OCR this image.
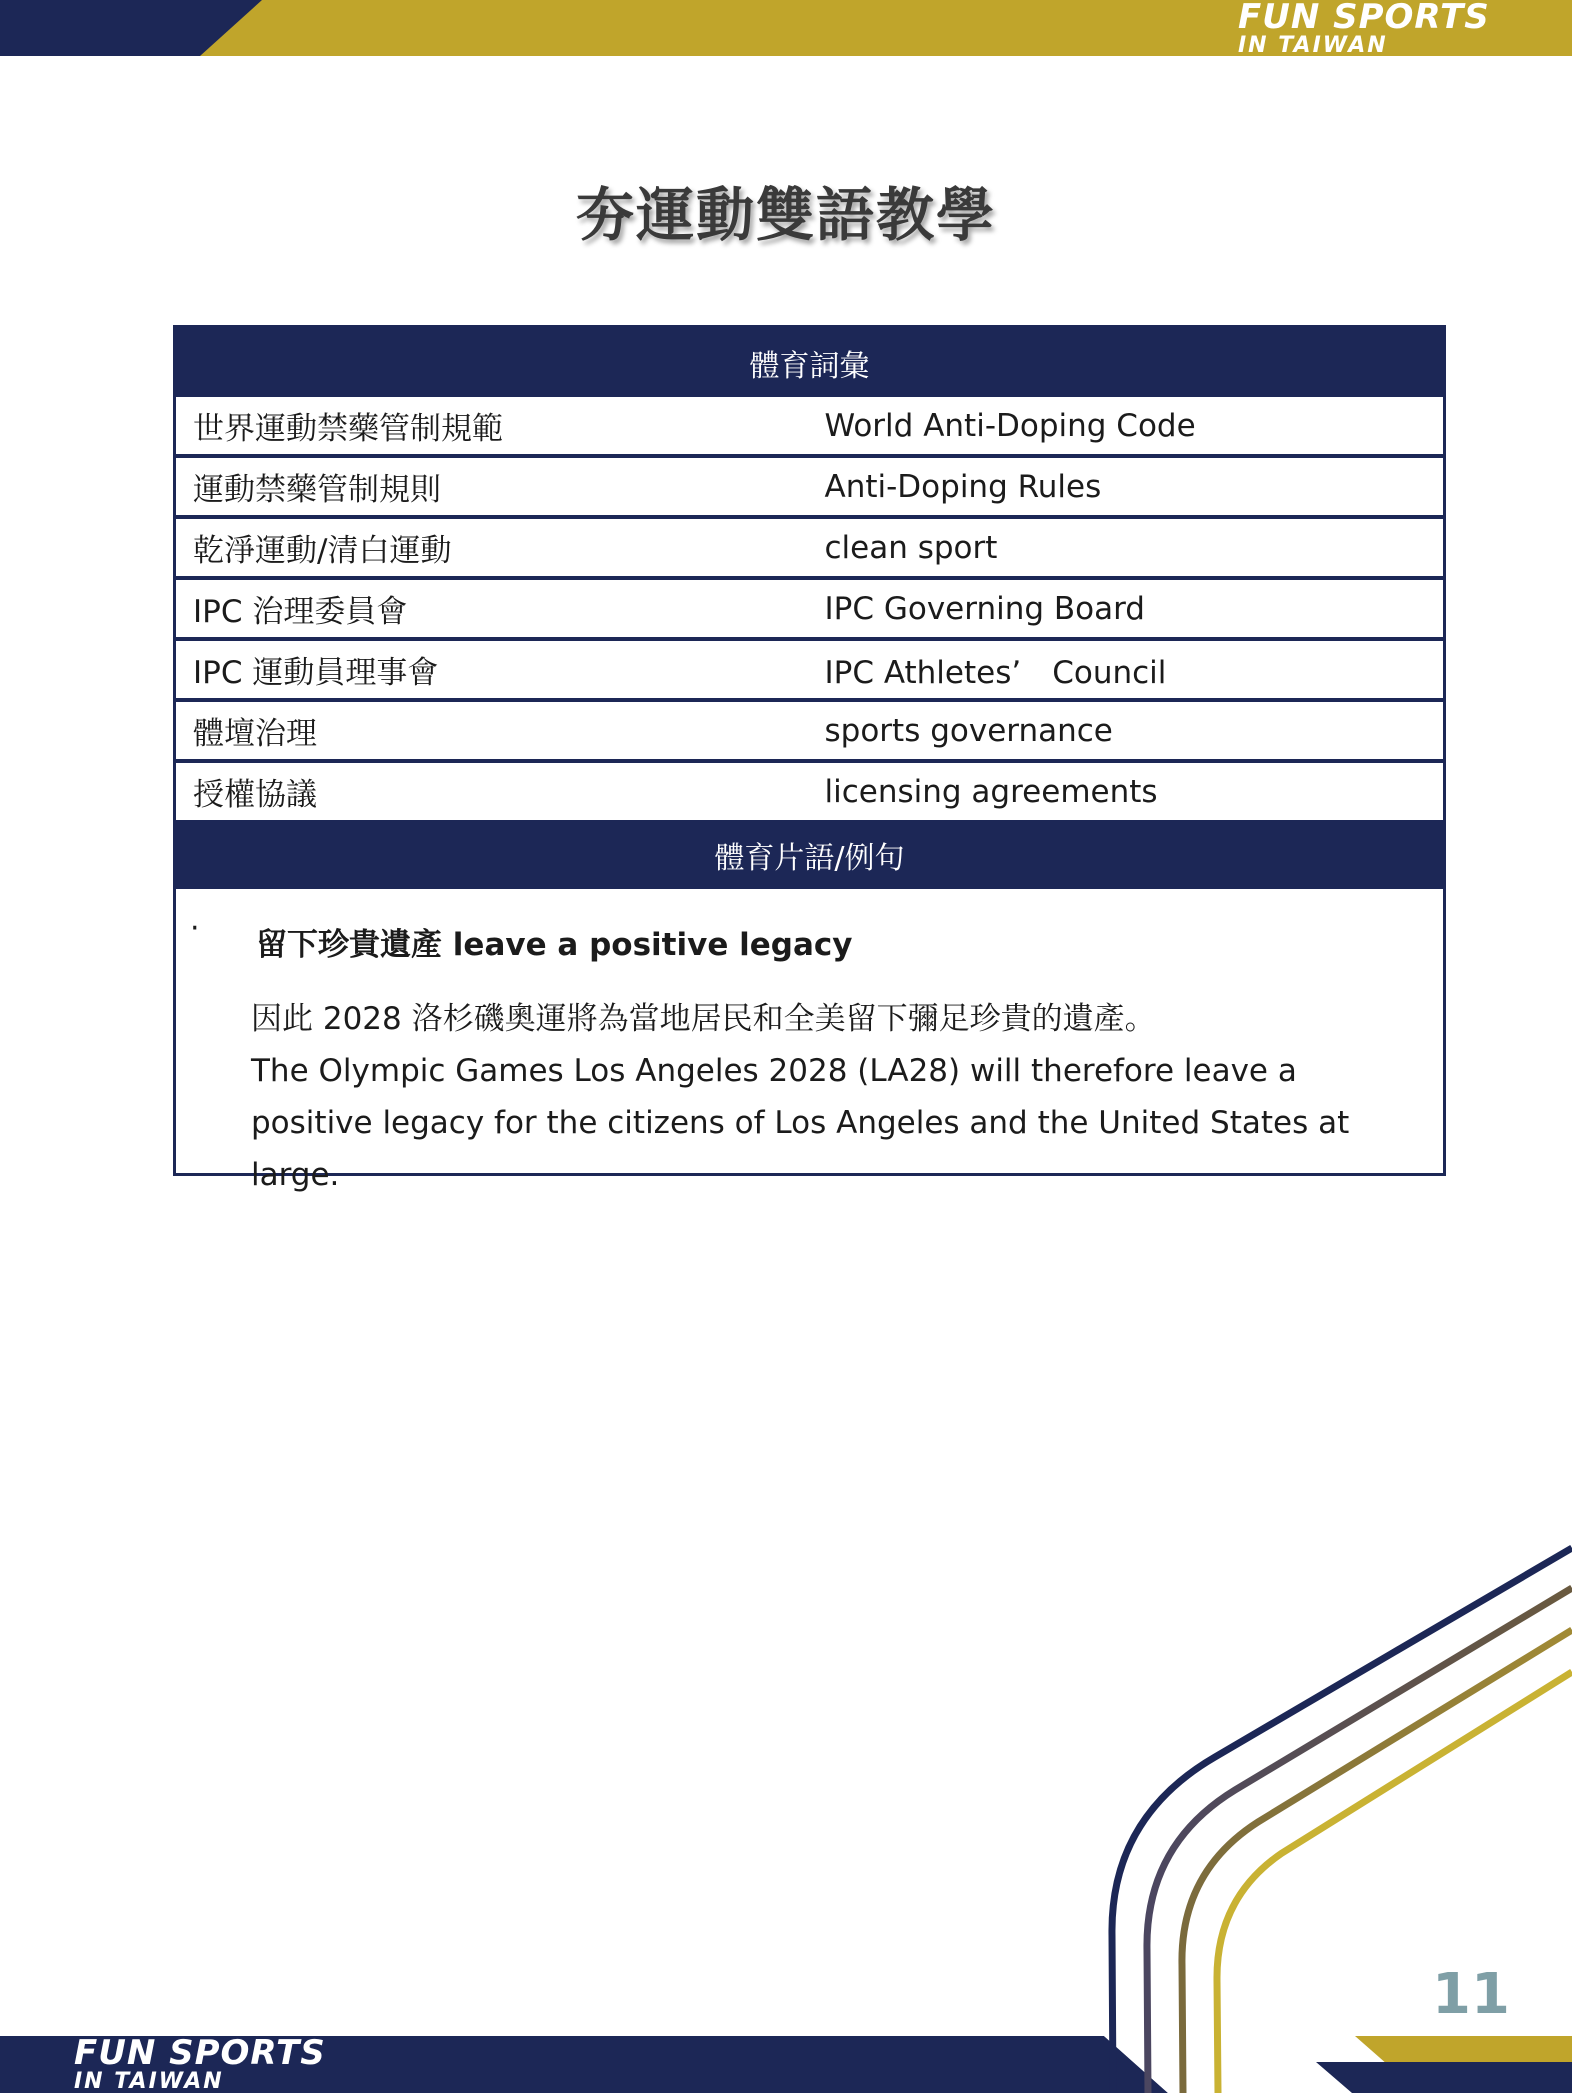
FUN SPORTS
IN TAIWAN
夯運動雙語教學
體育詞彙	
世界運動禁藥管制規範	World Anti-Doping Code
運動禁藥管制規則	Anti-Doping Rules
乾淨運動/清白運動	clean sport
IPC 治理委員會	IPC Governing Board
IPC 運動員理事會	IPC Athletes’　Council
體壇治理	sports governance
授權協議	licensing agreements
體育片語/例句	

· 留下珍貴遺產 leave a positive legacy

因此 2028 洛杉磯奧運將為當地居民和全美留下彌足珍貴的遺產。

The Olympic Games Los Angeles 2028 (LA28) will therefore leave a positive legacy for the citizens of Los Angeles and the United States at large.	

11
FUN SPORTS
IN TAIWAN
